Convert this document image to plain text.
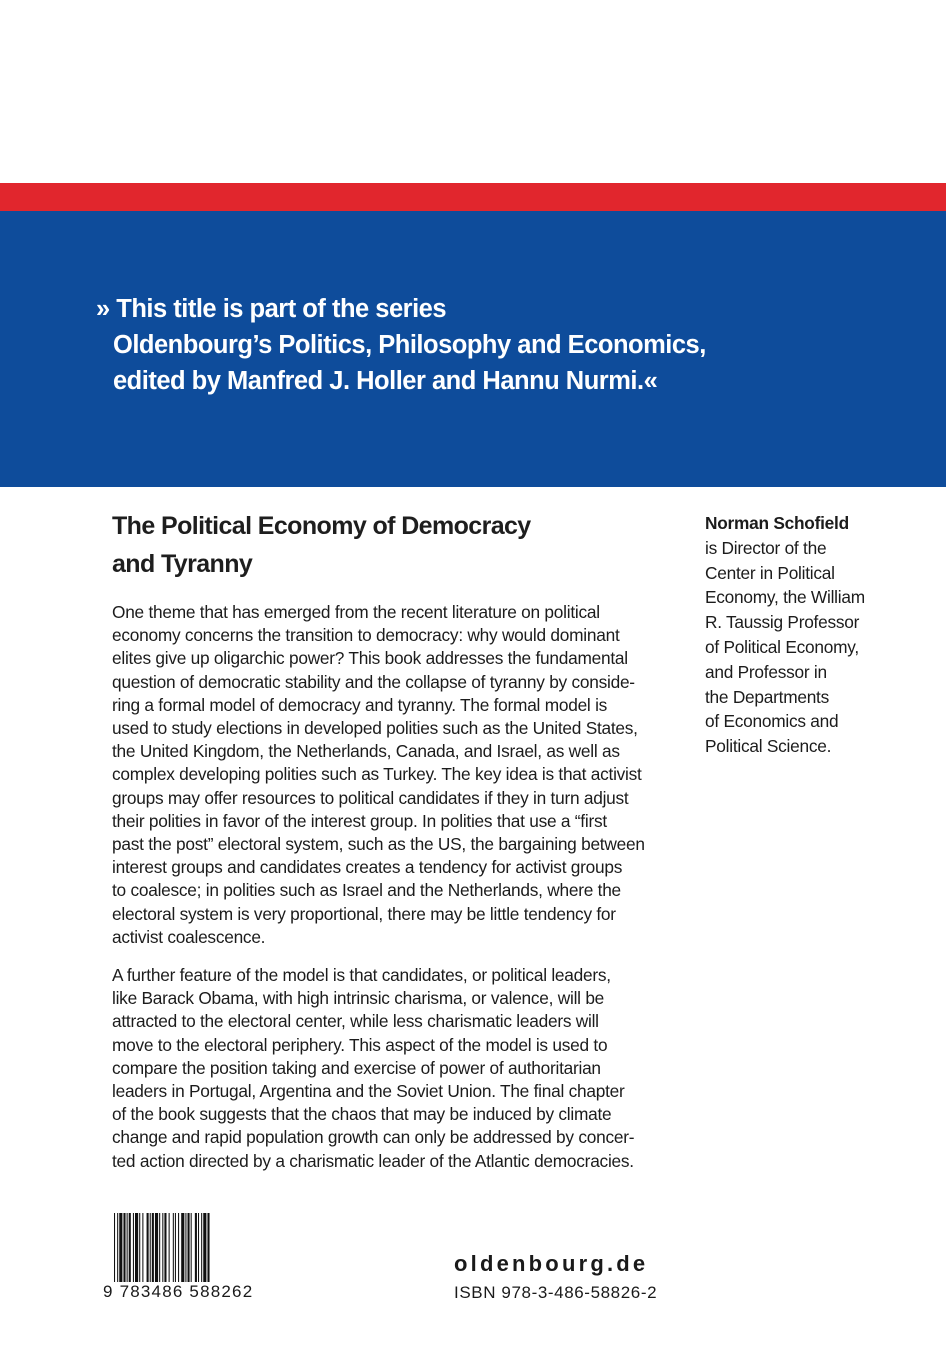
» This title is part of the series
Oldenbourg’s Politics, Philosophy and Economics,
edited by Manfred J. Holler and Hannu Nurmi.«
The Political Economy of Democracy
and Tyranny
One theme that has emerged from the recent literature on political
economy concerns the transition to democracy: why would dominant
elites give up oligarchic power? This book addresses the fundamental
question of democratic stability and the collapse of tyranny by conside-
ring a formal model of democracy and tyranny. The formal model is
used to study elections in developed polities such as the United States,
the United Kingdom, the Netherlands, Canada, and Israel, as well as
complex developing polities such as Turkey. The key idea is that activist
groups may offer resources to political candidates if they in turn adjust
their polities in favor of the interest group. In polities that use a “first
past the post” electoral system, such as the US, the bargaining between
interest groups and candidates creates a tendency for activist groups
to coalesce; in polities such as Israel and the Netherlands, where the
electoral system is very proportional, there may be little tendency for
activist coalescence.
A further feature of the model is that candidates, or political leaders,
like Barack Obama, with high intrinsic charisma, or valence, will be
attracted to the electoral center, while less charismatic leaders will
move to the electoral periphery. This aspect of the model is used to
compare the position taking and exercise of power of authoritarian
leaders in Portugal, Argentina and the Soviet Union. The final chapter
of the book suggests that the chaos that may be induced by climate
change and rapid population growth can only be addressed by concer-
ted action directed by a charismatic leader of the Atlantic democracies.
Norman Schofield
is Director of the
Center in Political
Economy, the William
R. Taussig Professor
of Political Economy,
and Professor in
the Departments
of Economics and
Political Science.
9 783486 588262
oldenbourg.de
ISBN 978-3-486-58826-2
